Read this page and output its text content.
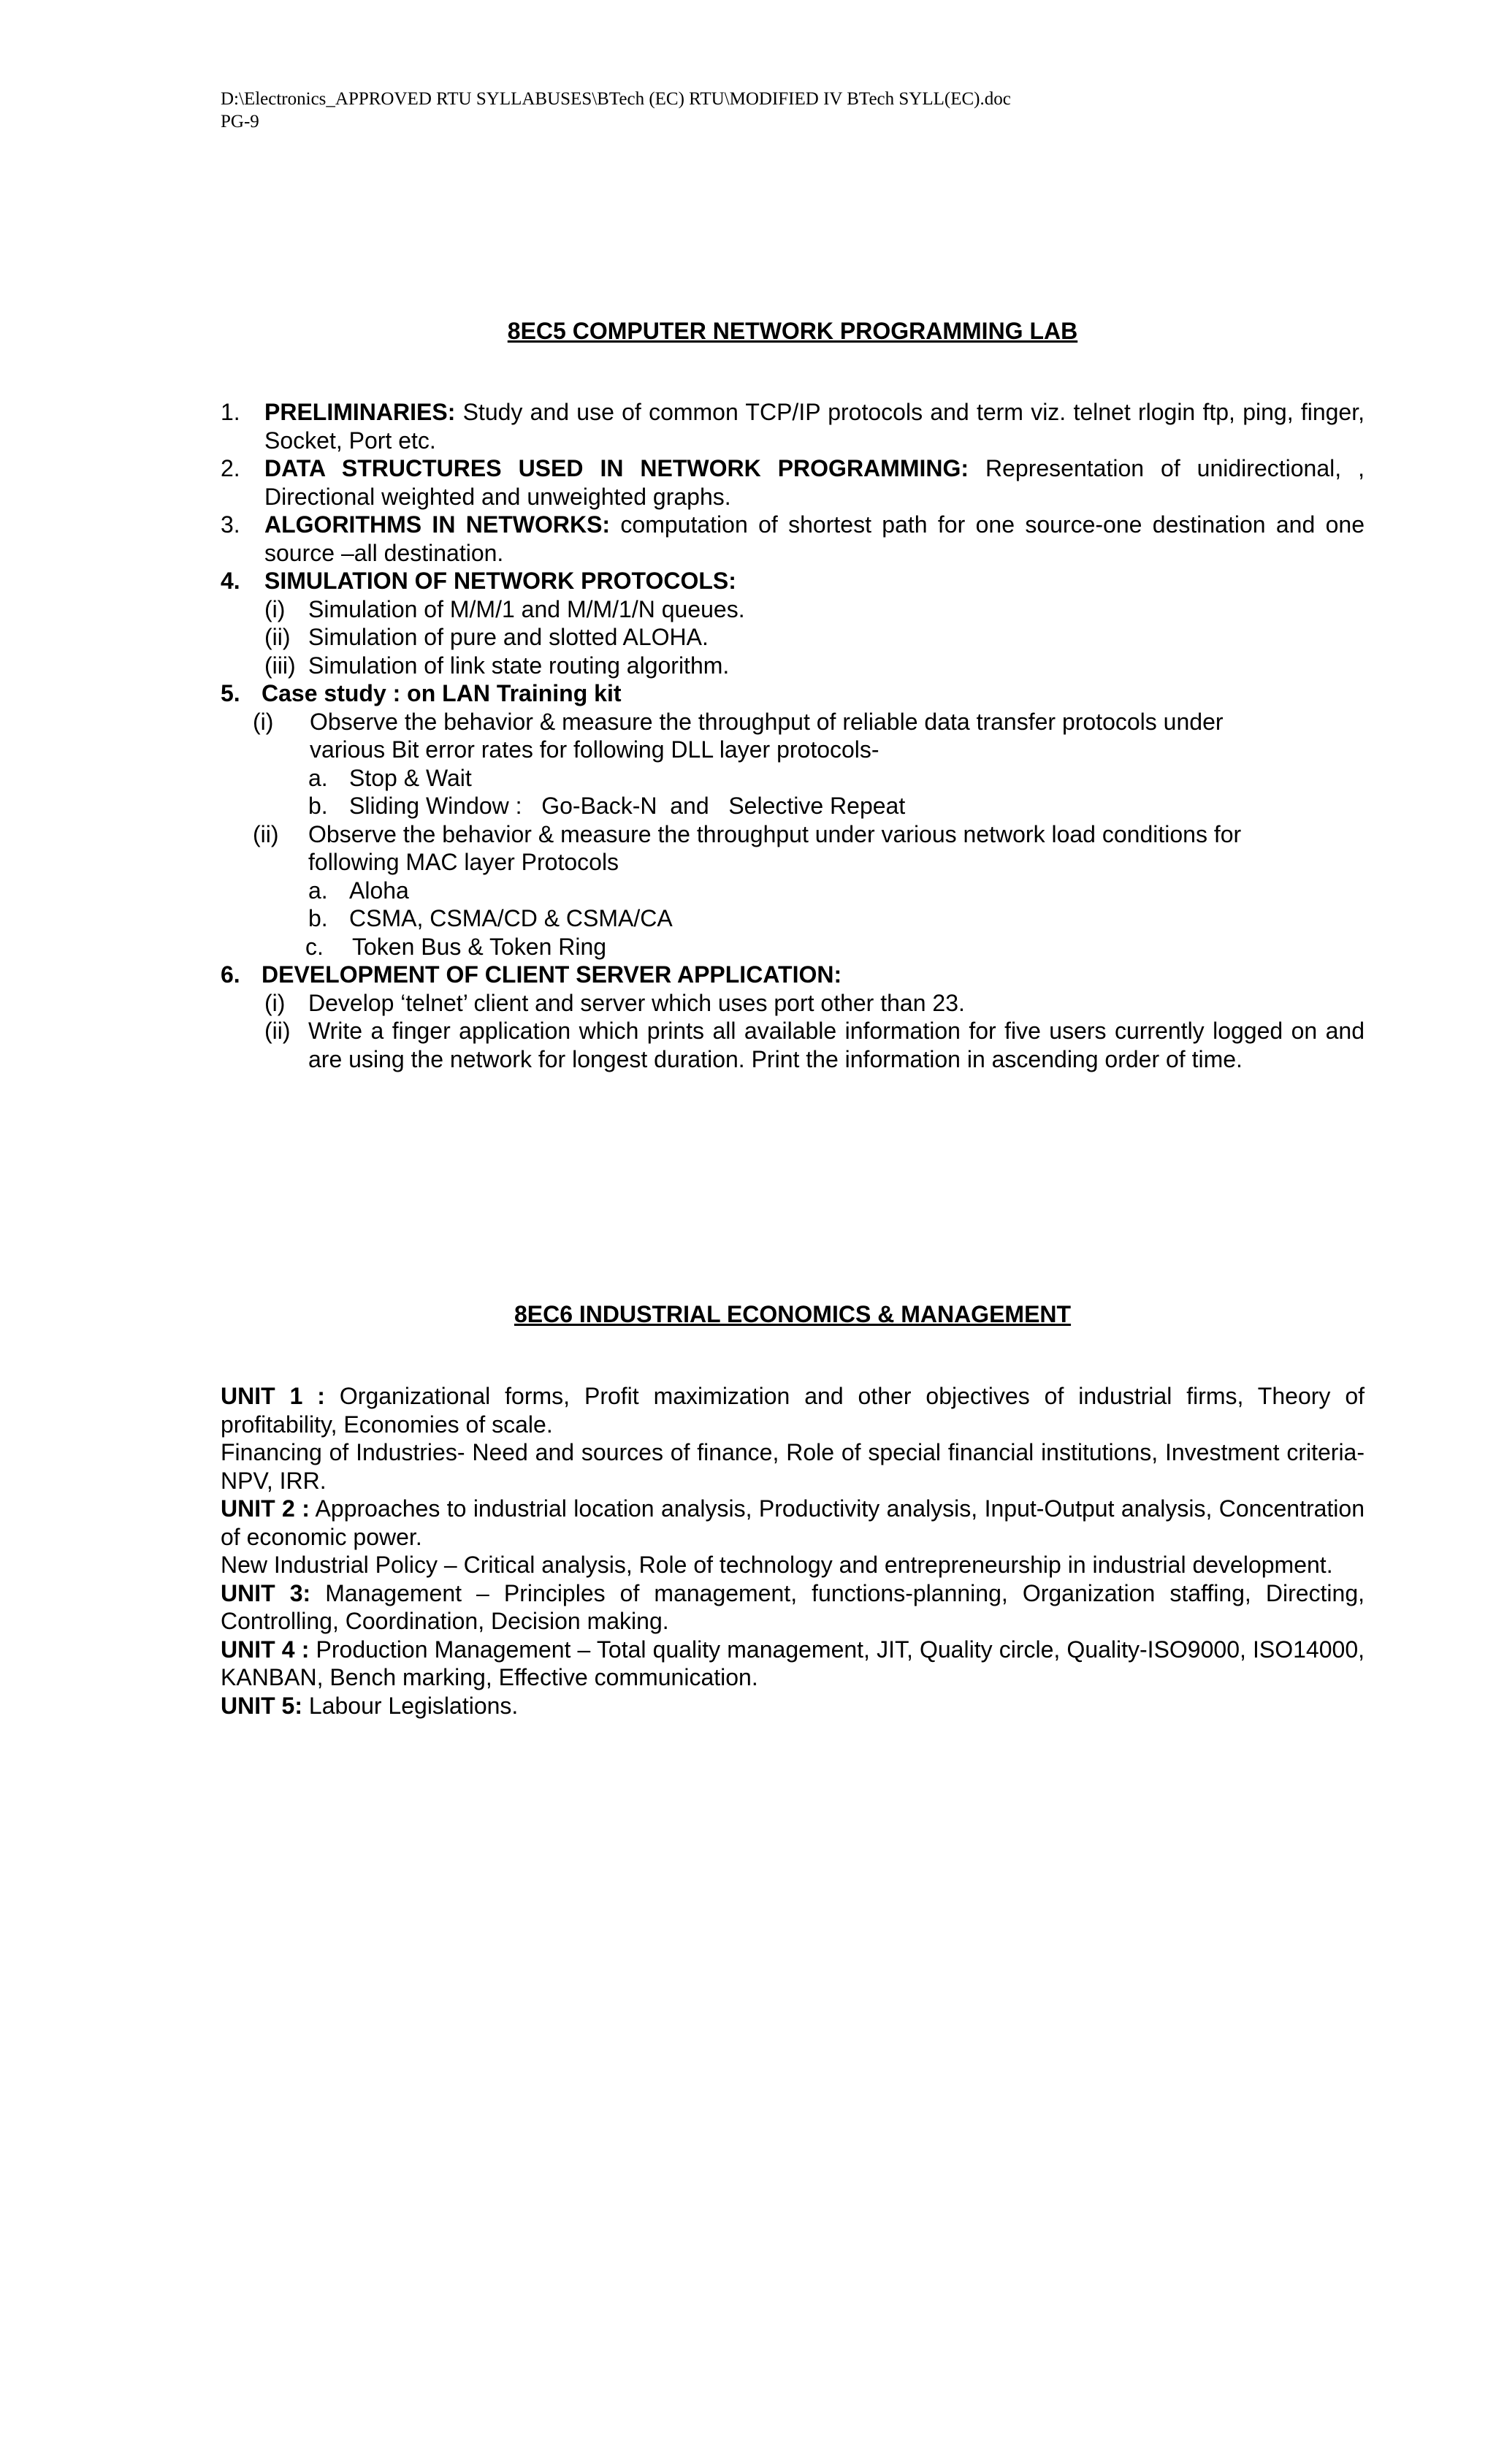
D:\Electronics_APPROVED RTU SYLLABUSES\BTech (EC) RTU\MODIFIED IV BTech SYLL(EC).doc
PG-9
8EC5 COMPUTER NETWORK PROGRAMMING LAB
1. PRELIMINARIES: Study and use of common TCP/IP protocols and term viz. telnet rlogin ftp, ping, finger, Socket, Port etc.
2. DATA STRUCTURES USED IN NETWORK PROGRAMMING: Representation of unidirectional, , Directional weighted and unweighted graphs.
3. ALGORITHMS IN NETWORKS: computation of shortest path for one source-one destination and one source –all destination.
4. SIMULATION OF NETWORK PROTOCOLS:
(i) Simulation of M/M/1 and M/M/1/N queues.
(ii) Simulation of pure and slotted ALOHA.
(iii) Simulation of link state routing algorithm.
5. Case study : on LAN Training kit
(i)	Observe the behavior & measure the throughput of reliable data transfer protocols under various Bit error rates for following DLL layer protocols-
a. Stop & Wait
b. Sliding Window :   Go-Back-N  and   Selective Repeat
(ii)	Observe the behavior & measure the throughput under various network load conditions for following MAC layer Protocols
a. Aloha
b. CSMA, CSMA/CD & CSMA/CA
c.	Token Bus & Token Ring
6. DEVELOPMENT OF CLIENT SERVER APPLICATION:
(i) Develop ‘telnet’ client and server which uses port other than 23.
(ii) Write a finger application which prints all available information for five users currently logged on and are using the network for longest duration. Print the information in ascending order of time.
8EC6 INDUSTRIAL ECONOMICS & MANAGEMENT
UNIT 1 : Organizational forms, Profit maximization and other objectives of industrial firms, Theory of profitability, Economies of scale.
Financing of Industries- Need and sources of finance, Role of special financial institutions, Investment criteria-NPV, IRR.
UNIT 2 : Approaches to industrial location analysis, Productivity analysis, Input-Output analysis, Concentration of economic power.
New Industrial Policy – Critical analysis, Role of technology and entrepreneurship in industrial development.
UNIT 3: Management – Principles of management, functions-planning, Organization staffing, Directing, Controlling, Coordination, Decision making.
UNIT 4 : Production Management – Total quality management, JIT, Quality circle, Quality-ISO9000, ISO14000, KANBAN, Bench marking, Effective communication.
UNIT 5: Labour Legislations.
